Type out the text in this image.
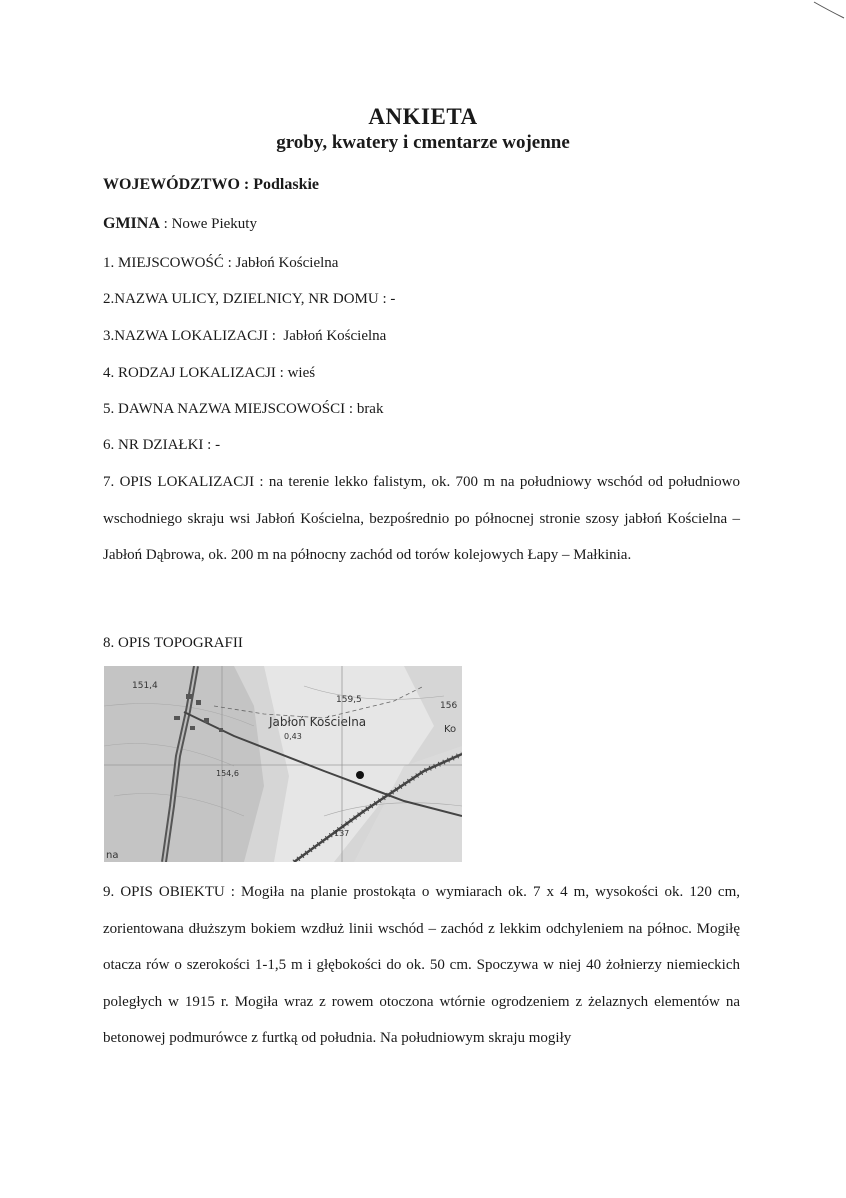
ANKIETA
groby, kwatery i cmentarze wojenne
WOJEWÓDZTWO : Podlaskie
GMINA : Nowe Piekuty
1. MIEJSCOWOŚĆ : Jabłoń Kościelna
2.NAZWA ULICY, DZIELNICY, NR DOMU : -
3.NAZWA LOKALIZACJI :  Jabłoń Kościelna
4. RODZAJ LOKALIZACJI : wieś
5. DAWNA NAZWA MIEJSCOWOŚCI : brak
6. NR DZIAŁKI : -

7. OPIS LOKALIZACJI : na terenie lekko falistym, ok. 700 m na południowy wschód od południowo wschodniego skraju wsi Jabłoń Kościelna, bezpośrednio po północnej stronie szosy jabłoń Kościelna – Jabłoń Dąbrowa, ok. 200 m na północny zachód od torów kolejowych Łapy – Małkinia.

8. OPIS TOPOGRAFII
151,4
159,5
156
Ko
Jabłoń Kościelna
0,43
154,6
137
na

9. OPIS OBIEKTU : Mogiła na planie prostokąta o wymiarach ok. 7 x 4 m, wysokości ok. 120 cm, zorientowana dłuższym bokiem wzdłuż linii wschód – zachód z lekkim odchyleniem na północ. Mogiłę otacza rów o szerokości 1-1,5 m i głębokości do ok. 50 cm. Spoczywa w niej 40 żołnierzy niemieckich poległych w 1915 r. Mogiła wraz z rowem otoczona wtórnie ogrodzeniem z żelaznych elementów na betonowej podmurówce z furtką od południa. Na południowym skraju mogiły
